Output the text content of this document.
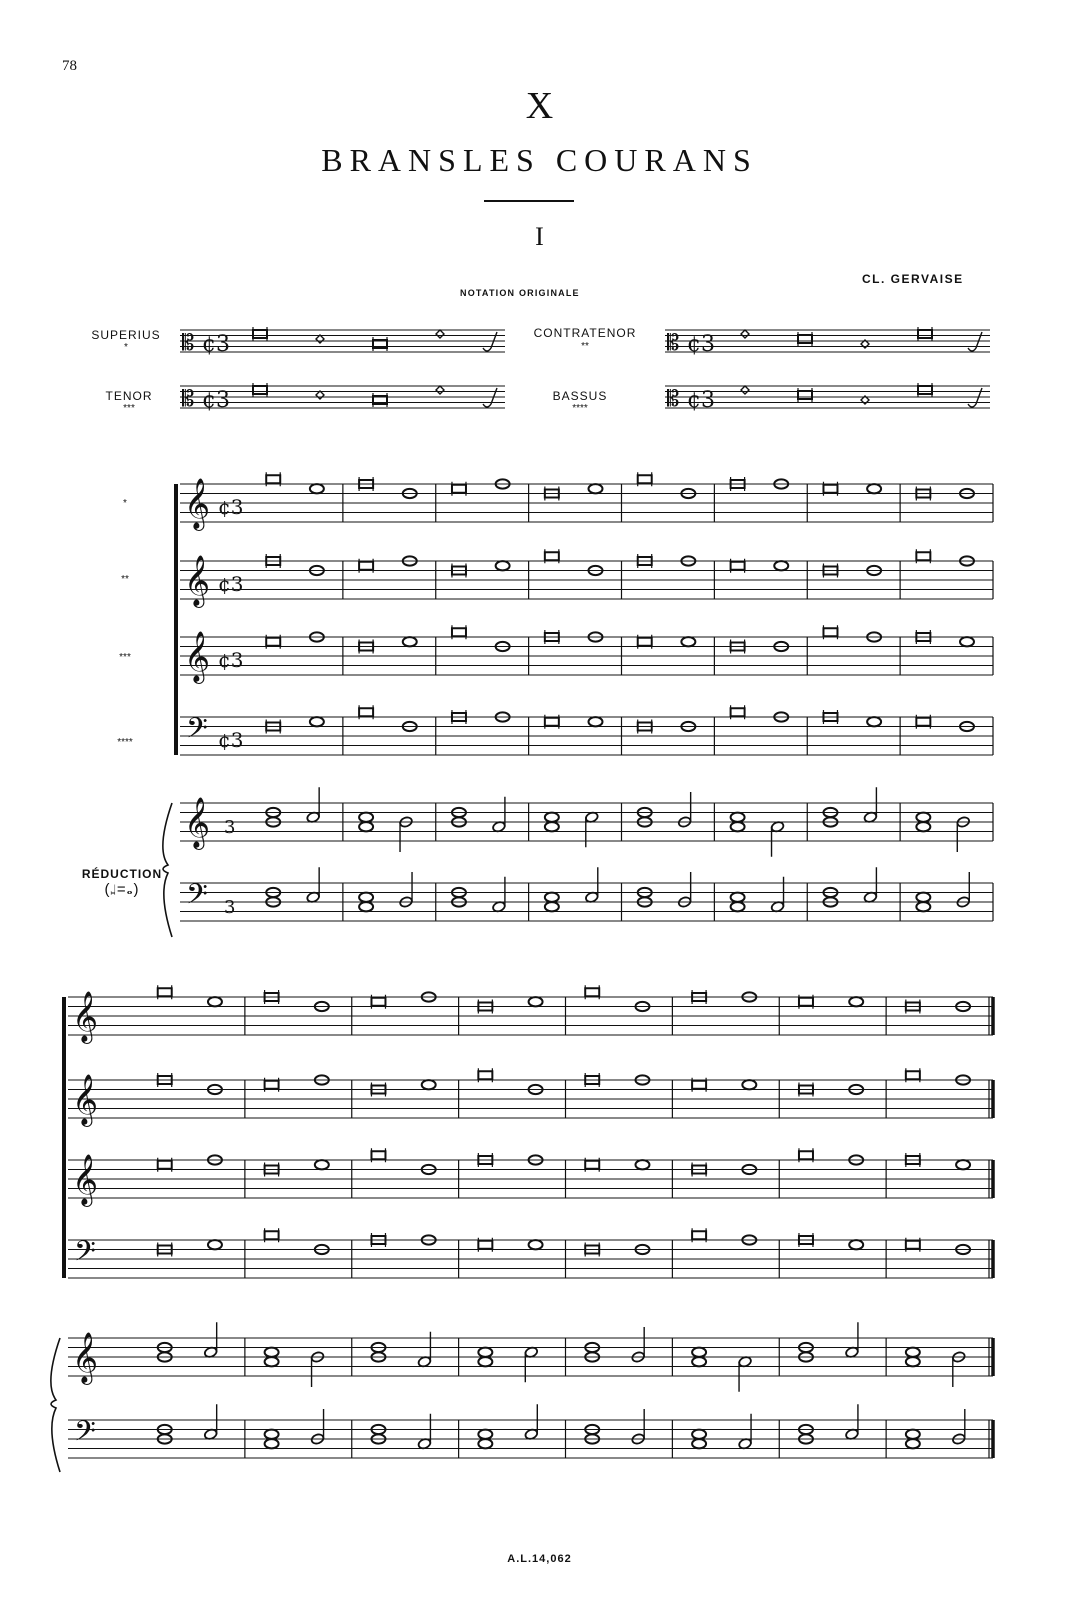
78
X
BRANSLES COURANS
I
CL. GERVAISE
NOTATION ORIGINALE
SUPERIUS
*
CONTRATENOR
**
TENOR
***
BASSUS
****
*
**
***
****
RÉDUCTION
(𝆷=𝅝)
A.L.14,062
𝄡 ¢3	𝄡 ¢3
𝄡 ¢3	𝄡 ¢3
𝄞 ¢3
𝄞 ¢3
𝄞 ¢3
𝄢 ¢3
𝄞 3
𝄢 3
𝄞
𝄞
𝄞
𝄢
𝄞
𝄢
